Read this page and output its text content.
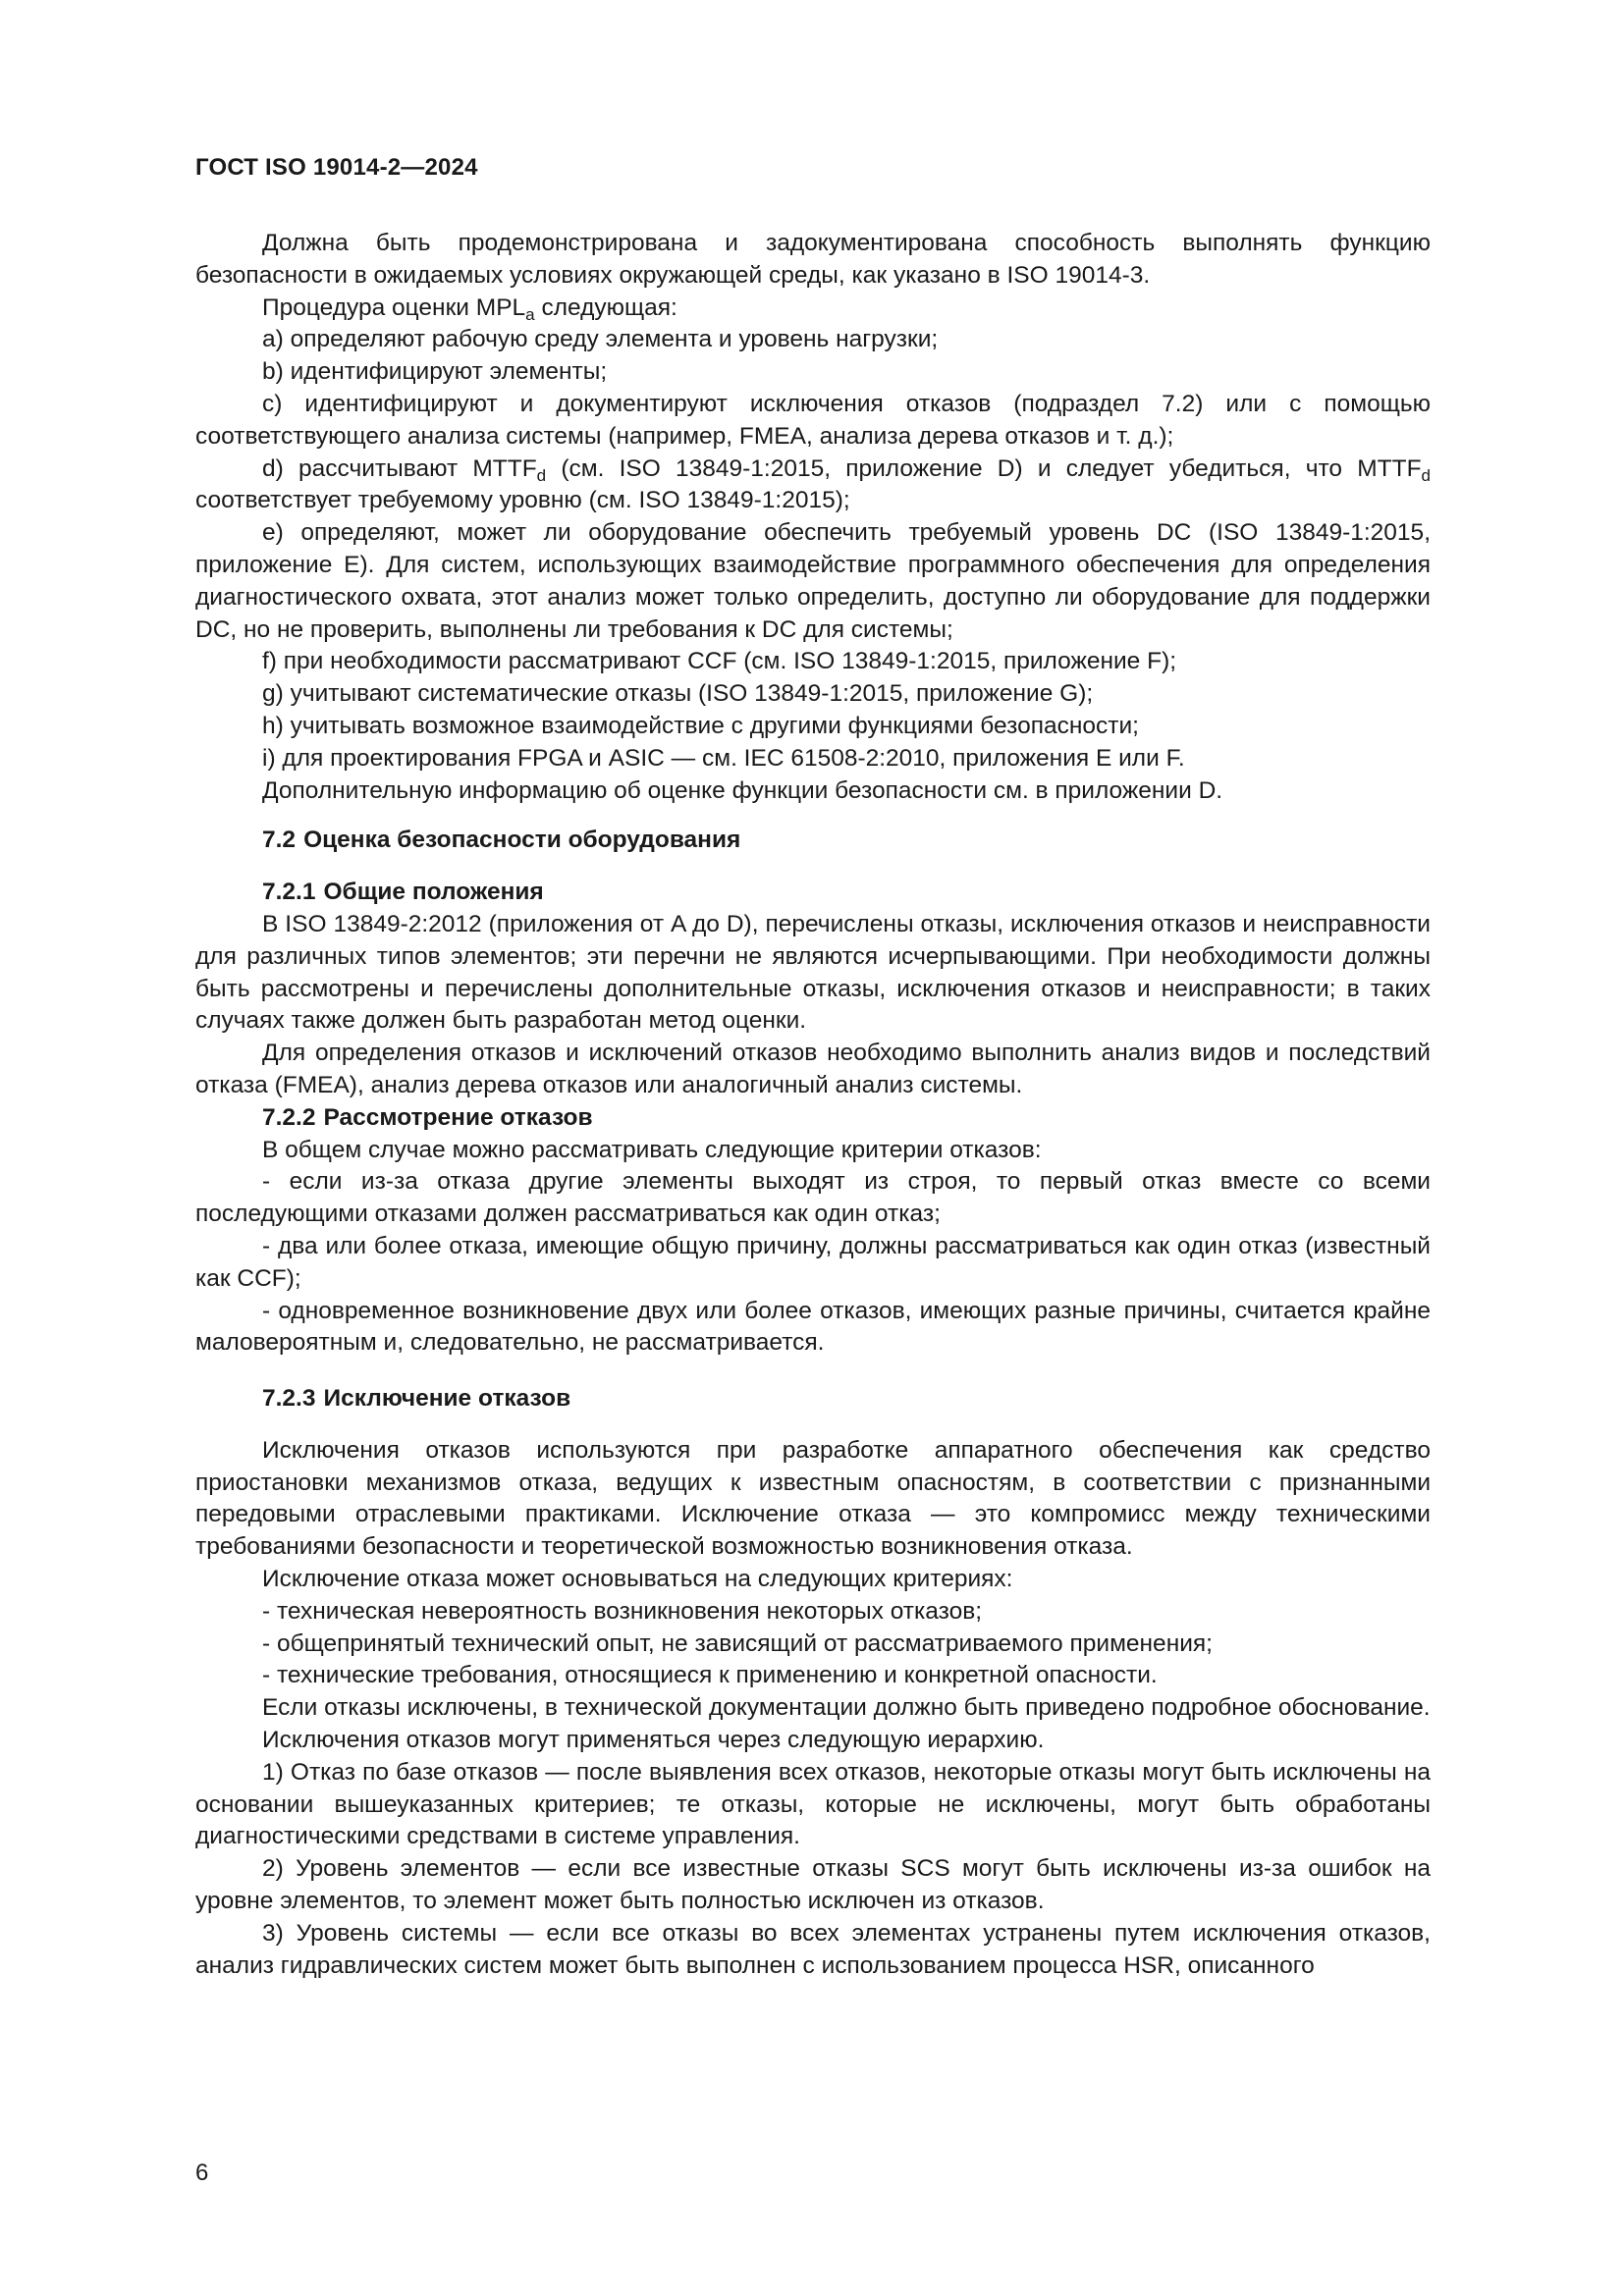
ГОСТ ISO 19014-2—2024

Должна быть продемонстрирована и задокументирована способность выполнять функцию безопасности в ожидаемых условиях окружающей среды, как указано в ISO 19014-3.

Процедура оценки $MPL_a$ следующая:

a) определяют рабочую среду элемента и уровень нагрузки;

b) идентифицируют элементы;

c) идентифицируют и документируют исключения отказов (подраздел 7.2) или с помощью соответствующего анализа системы (например, FMEA, анализа дерева отказов и т. д.);

d) рассчитывают $MTTF_d$ (см. ISO 13849-1:2015, приложение D) и следует убедиться, что $MTTF_d$ соответствует требуемому уровню (см. ISO 13849-1:2015);

e) определяют, может ли оборудование обеспечить требуемый уровень DC (ISO 13849-1:2015, приложение E). Для систем, использующих взаимодействие программного обеспечения для определения диагностического охвата, этот анализ может только определить, доступно ли оборудование для поддержки DC, но не проверить, выполнены ли требования к DC для системы;

f) при необходимости рассматривают CCF (см. ISO 13849-1:2015, приложение F);

g) учитывают систематические отказы (ISO 13849-1:2015, приложение G);

h) учитывать возможное взаимодействие с другими функциями безопасности;

i) для проектирования FPGA и ASIC — см. IEC 61508-2:2010, приложения E или F.

Дополнительную информацию об оценке функции безопасности см. в приложении D.

7.2 Оценка безопасности оборудования

7.2.1 Общие положения

В ISO 13849-2:2012 (приложения от A до D), перечислены отказы, исключения отказов и неисправности для различных типов элементов; эти перечни не являются исчерпывающими. При необходимости должны быть рассмотрены и перечислены дополнительные отказы, исключения отказов и неисправности; в таких случаях также должен быть разработан метод оценки.

Для определения отказов и исключений отказов необходимо выполнить анализ видов и последствий отказа (FMEA), анализ дерева отказов или аналогичный анализ системы.

7.2.2 Рассмотрение отказов

В общем случае можно рассматривать следующие критерии отказов:

- если из-за отказа другие элементы выходят из строя, то первый отказ вместе со всеми последующими отказами должен рассматриваться как один отказ;

- два или более отказа, имеющие общую причину, должны рассматриваться как один отказ (известный как CCF);

- одновременное возникновение двух или более отказов, имеющих разные причины, считается крайне маловероятным и, следовательно, не рассматривается.

7.2.3 Исключение отказов

Исключения отказов используются при разработке аппаратного обеспечения как средство приостановки механизмов отказа, ведущих к известным опасностям, в соответствии с признанными передовыми отраслевыми практиками. Исключение отказа — это компромисс между техническими требованиями безопасности и теоретической возможностью возникновения отказа.

Исключение отказа может основываться на следующих критериях:

- техническая невероятность возникновения некоторых отказов;

- общепринятый технический опыт, не зависящий от рассматриваемого применения;

- технические требования, относящиеся к применению и конкретной опасности.

Если отказы исключены, в технической документации должно быть приведено подробное обоснование.

Исключения отказов могут применяться через следующую иерархию.

1) Отказ по базе отказов — после выявления всех отказов, некоторые отказы могут быть исключены на основании вышеуказанных критериев; те отказы, которые не исключены, могут быть обработаны диагностическими средствами в системе управления.

2) Уровень элементов — если все известные отказы SCS могут быть исключены из-за ошибок на уровне элементов, то элемент может быть полностью исключен из отказов.

3) Уровень системы — если все отказы во всех элементах устранены путем исключения отказов, анализ гидравлических систем может быть выполнен с использованием процесса HSR, описанного

6
